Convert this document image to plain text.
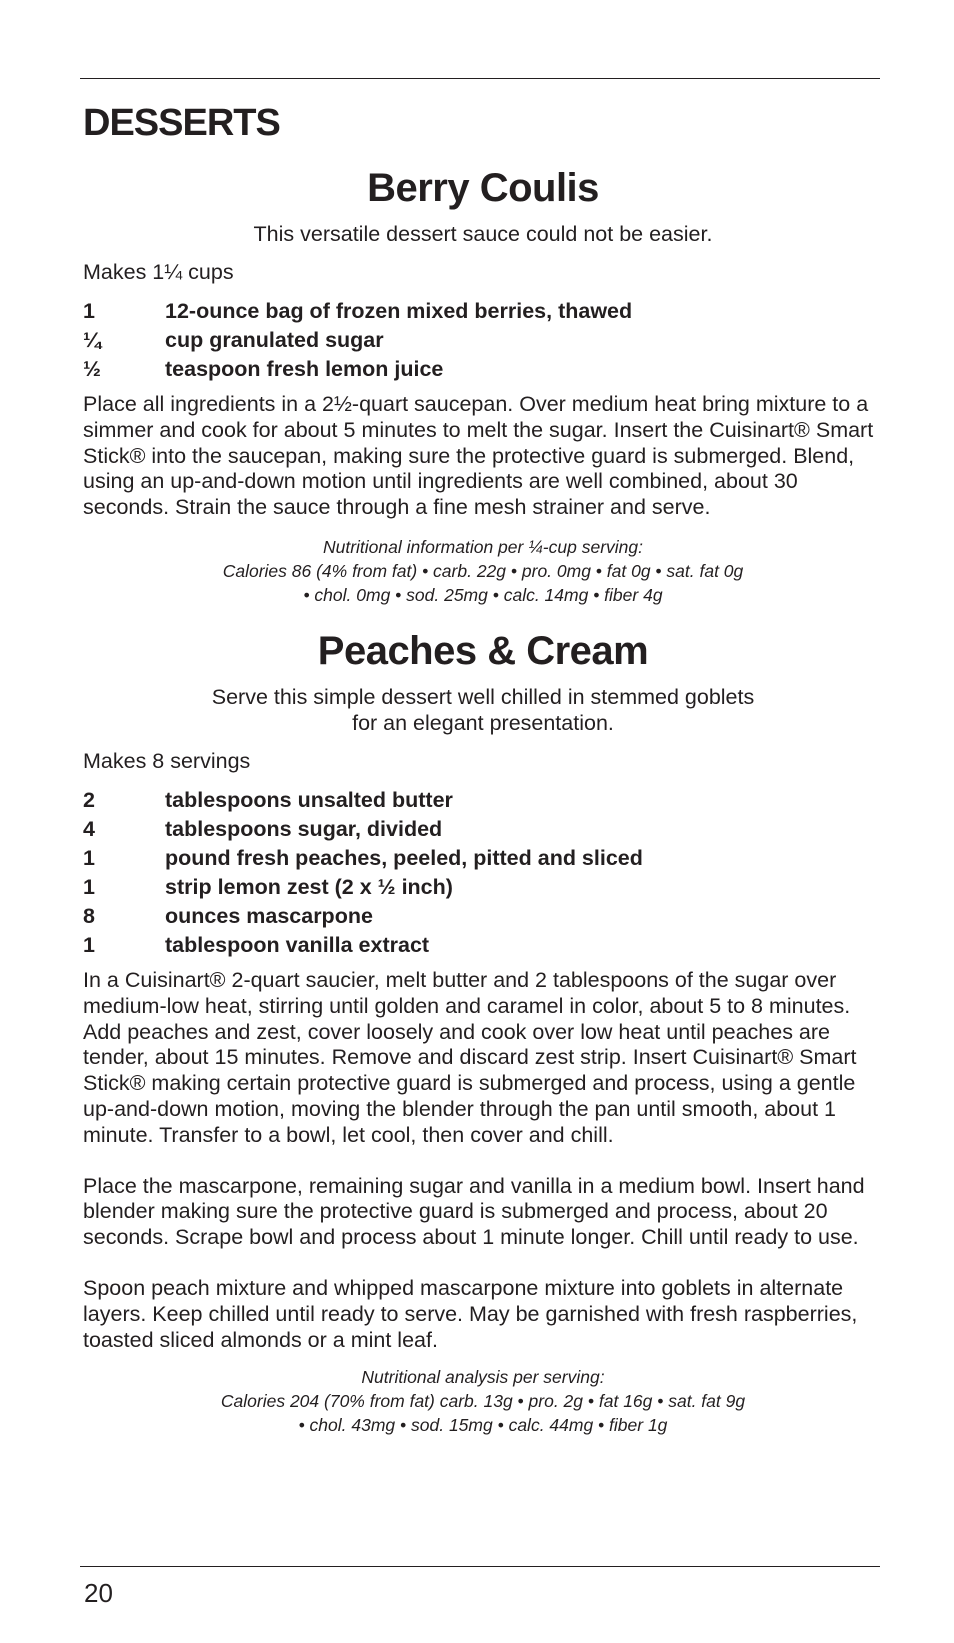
DESSERTS
Berry Coulis

This versatile dessert sauce could not be easier.

Makes 1¼ cups

1	12-ounce bag of frozen mixed berries, thawed
¼	cup granulated sugar
½	teaspoon fresh lemon juice

Place all ingredients in a 2½-quart saucepan. Over medium heat bring mixture to a simmer and cook for about 5 minutes to melt the sugar. Insert the Cuisinart® Smart Stick® into the saucepan, making sure the protective guard is submerged. Blend, using an up-and-down motion until ingredients are well combined, about 30 seconds. Strain the sauce through a fine mesh strainer and serve.

Nutritional information per ¼-cup serving:
Calories 86 (4% from fat) • carb. 22g • pro. 0mg • fat 0g • sat. fat 0g
• chol. 0mg • sod. 25mg • calc. 14mg • fiber 4g

Peaches & Cream

Serve this simple dessert well chilled in stemmed goblets
for an elegant presentation.

Makes 8 servings

2	tablespoons unsalted butter
4	tablespoons sugar, divided
1	pound fresh peaches, peeled, pitted and sliced
1	strip lemon zest (2 x ½ inch)
8	ounces mascarpone
1	tablespoon vanilla extract

In a Cuisinart® 2-quart saucier, melt butter and 2 tablespoons of the sugar over medium-low heat, stirring until golden and caramel in color, about 5 to 8 minutes. Add peaches and zest, cover loosely and cook over low heat until peaches are tender, about 15 minutes. Remove and discard zest strip. Insert Cuisinart® Smart Stick® making certain protective guard is submerged and process, using a gentle up-and-down motion, moving the blender through the pan until smooth, about 1 minute. Transfer to a bowl, let cool, then cover and chill.

Place the mascarpone, remaining sugar and vanilla in a medium bowl. Insert hand blender making sure the protective guard is submerged and process, about 20 seconds. Scrape bowl and process about 1 minute longer. Chill until ready to use.

Spoon peach mixture and whipped mascarpone mixture into goblets in alternate layers. Keep chilled until ready to serve. May be garnished with fresh raspberries, toasted sliced almonds or a mint leaf.

Nutritional analysis per serving:
Calories 204 (70% from fat) carb. 13g • pro. 2g • fat 16g • sat. fat 9g
• chol. 43mg • sod. 15mg • calc. 44mg • fiber 1g

20
